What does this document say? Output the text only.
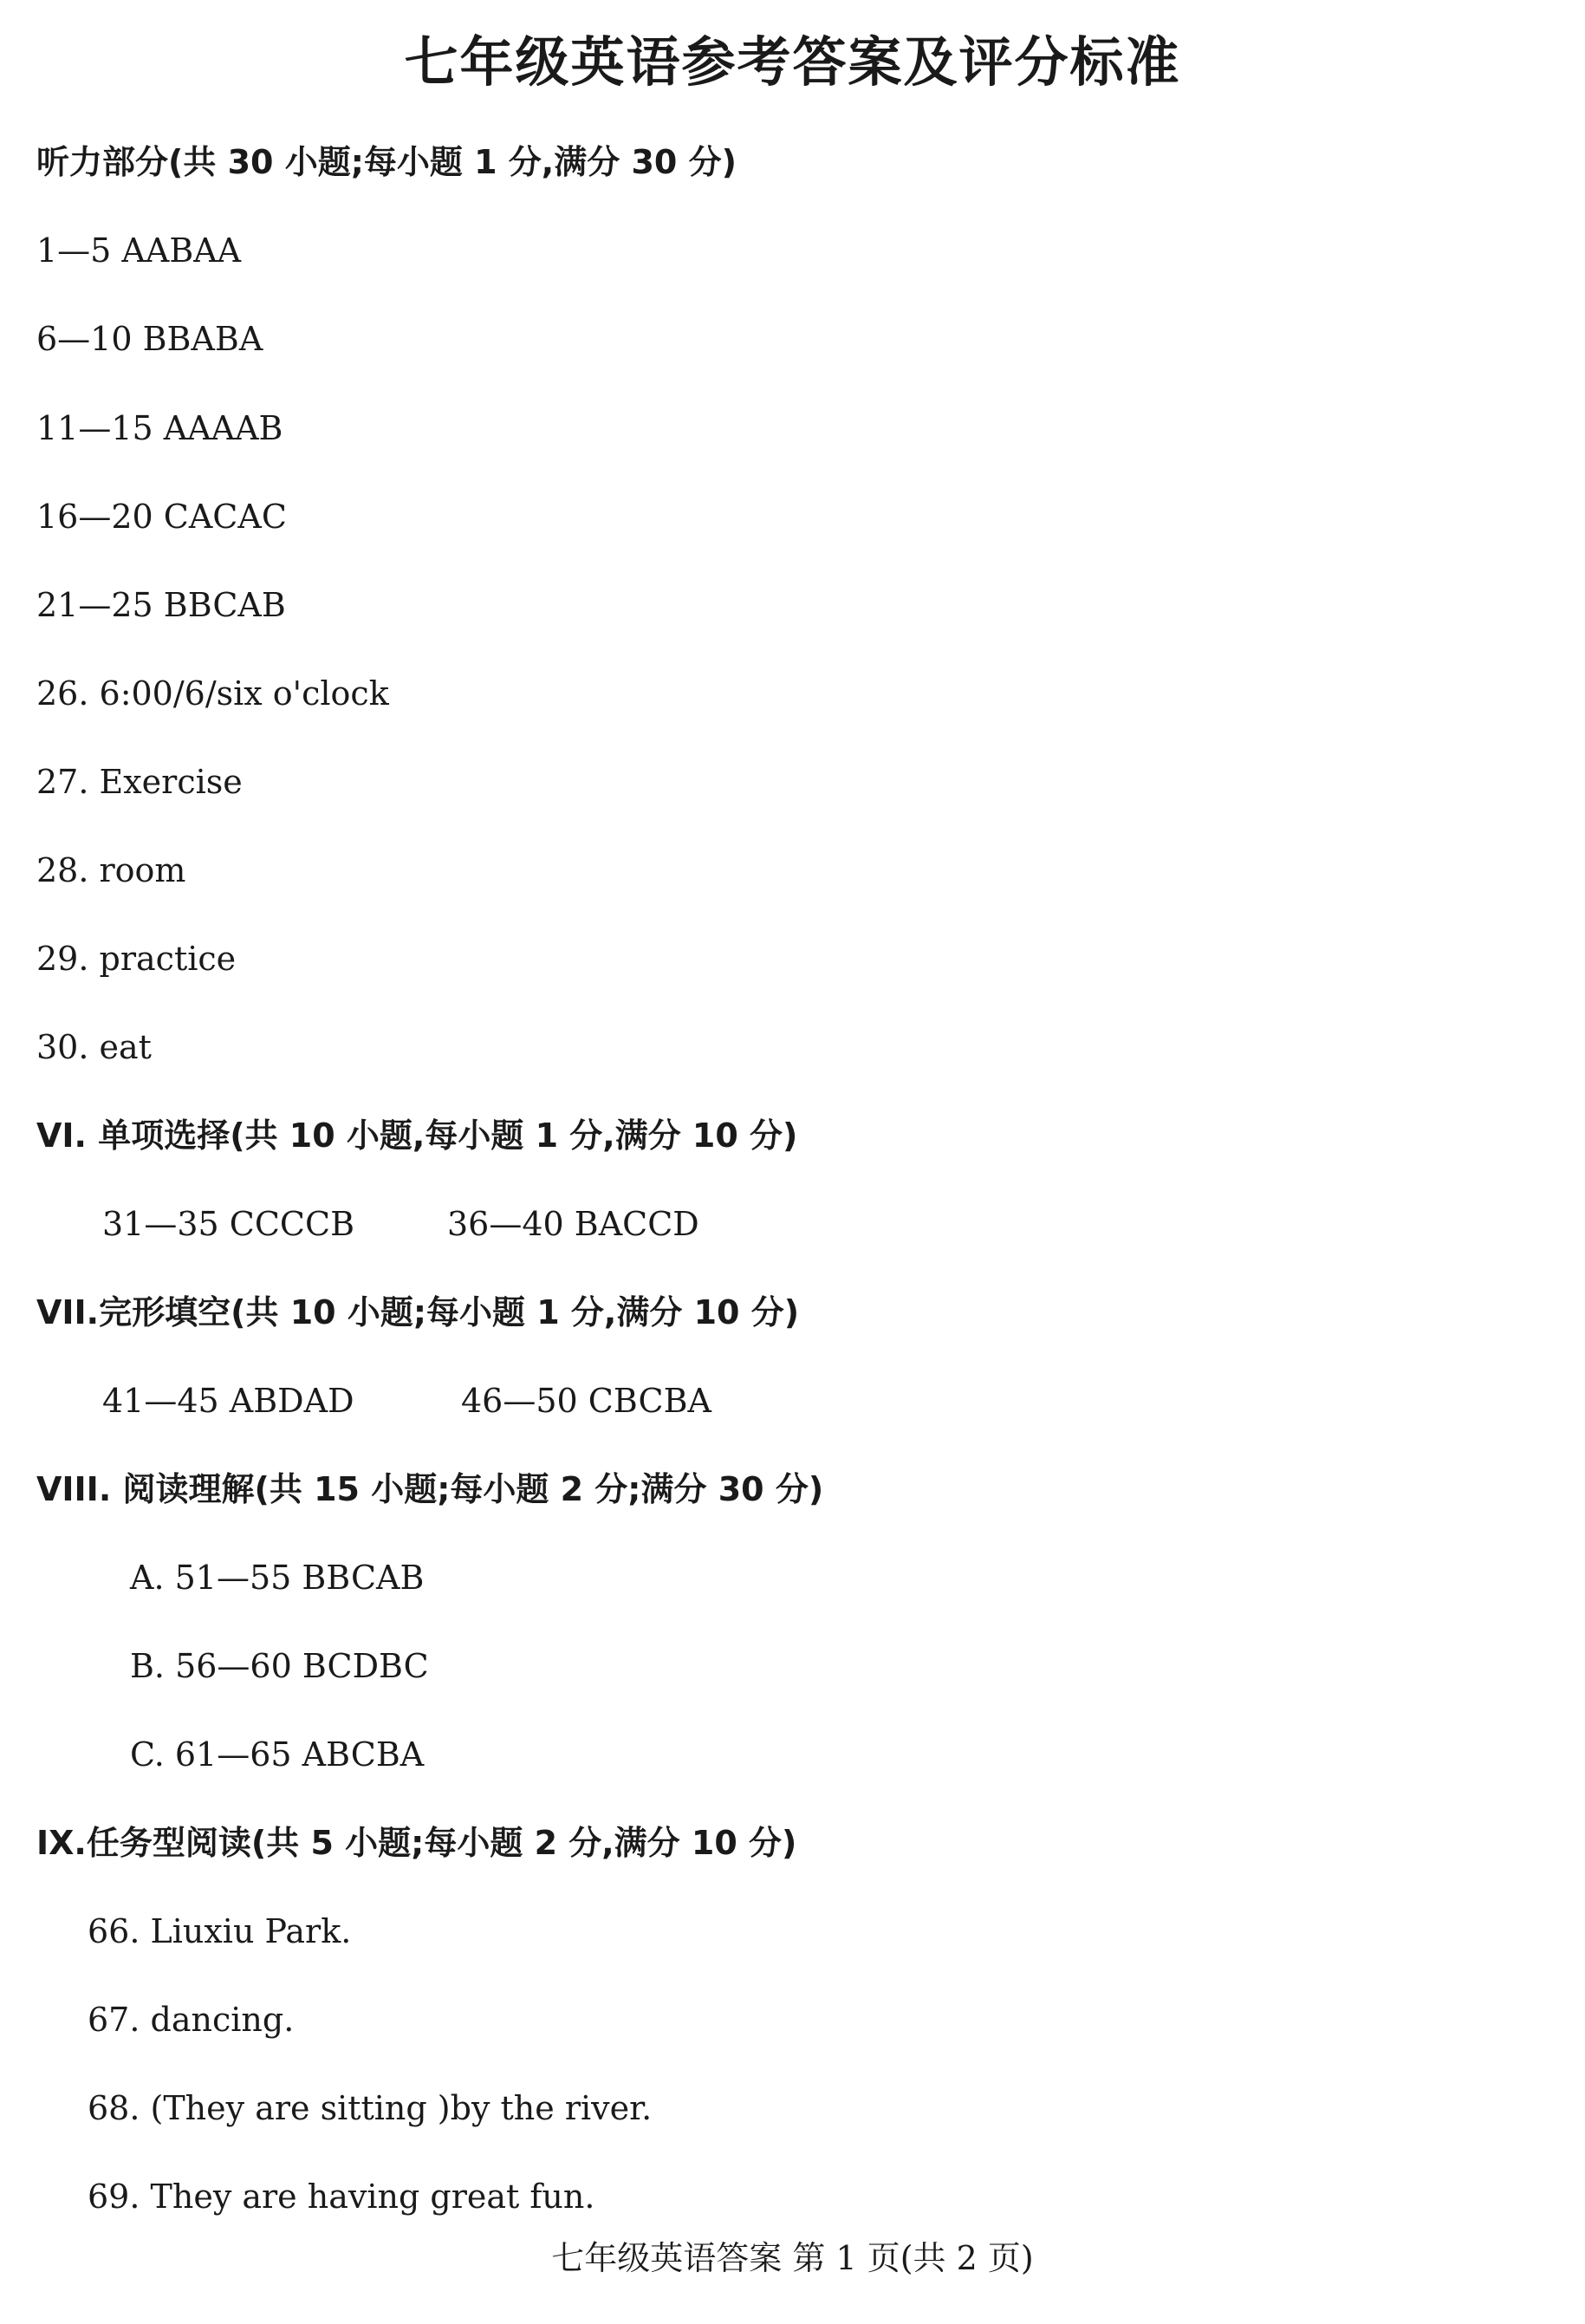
七年级英语参考答案及评分标准
听力部分(共 30 小题;每小题 1 分,满分 30 分)
1—5 AABAA
6—10 BBABA
11—15 AAAAB
16—20 CACAC
21—25 BBCAB
26. 6:00/6/six o'clock
27. Exercise
28. room
29. practice
30. eat
VI. 单项选择(共 10 小题,每小题 1 分,满分 10 分)
31—35 CCCCB	36—40 BACCD
VII.完形填空(共 10 小题;每小题 1 分,满分 10 分)
41—45 ABDAD	46—50 CBCBA
VIII. 阅读理解(共 15 小题;每小题 2 分;满分 30 分)
A. 51—55 BBCAB
B. 56—60 BCDBC
C. 61—65 ABCBA
IX.任务型阅读(共 5 小题;每小题 2 分,满分 10 分)
66. Liuxiu Park.
67. dancing.
68. (They are sitting )by the river.
69. They are having great fun.
七年级英语答案 第 1 页(共 2 页)
